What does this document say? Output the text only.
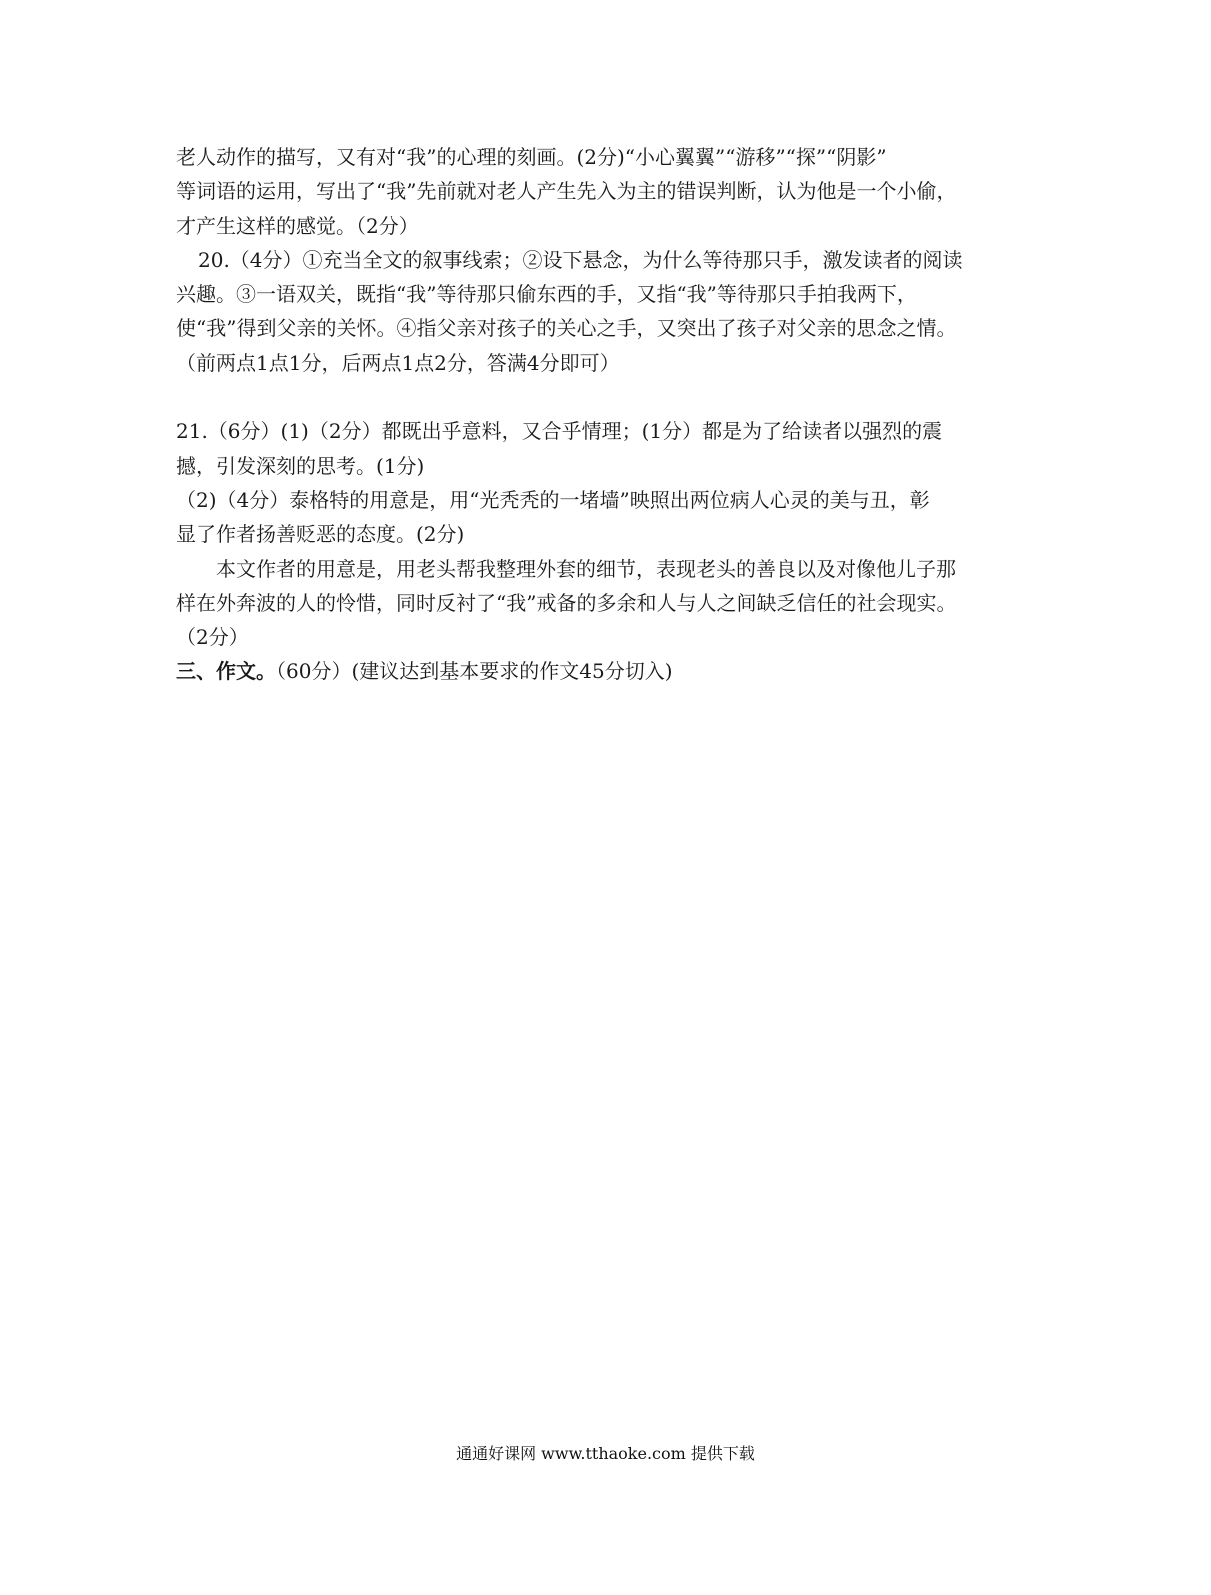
老人动作的描写，又有对“我”的心理的刻画。(2分)“小心翼翼”“游移”“探”“阴影”
等词语的运用，写出了“我”先前就对老人产生先入为主的错误判断，认为他是一个小偷，
才产生这样的感觉。（2分）
20.（4分）①充当全文的叙事线索；②设下悬念，为什么等待那只手，激发读者的阅读
兴趣。③一语双关，既指“我”等待那只偷东西的手，又指“我”等待那只手拍我两下，
使“我”得到父亲的关怀。④指父亲对孩子的关心之手，又突出了孩子对父亲的思念之情。
（前两点1点1分，后两点1点2分，答满4分即可）
21.（6分）(1)（2分）都既出乎意料，又合乎情理；(1分）都是为了给读者以强烈的震
撼，引发深刻的思考。(1分)
（2)（4分）泰格特的用意是，用“光秃秃的一堵墙”映照出两位病人心灵的美与丑，彰
显了作者扬善贬恶的态度。(2分)
本文作者的用意是，用老头帮我整理外套的细节，表现老头的善良以及对像他儿子那
样在外奔波的人的怜惜，同时反衬了“我”戒备的多余和人与人之间缺乏信任的社会现实。
（2分）
三、作文。（60分）(建议达到基本要求的作文45分切入)
通通好课网 www.tthaoke.com 提供下载
